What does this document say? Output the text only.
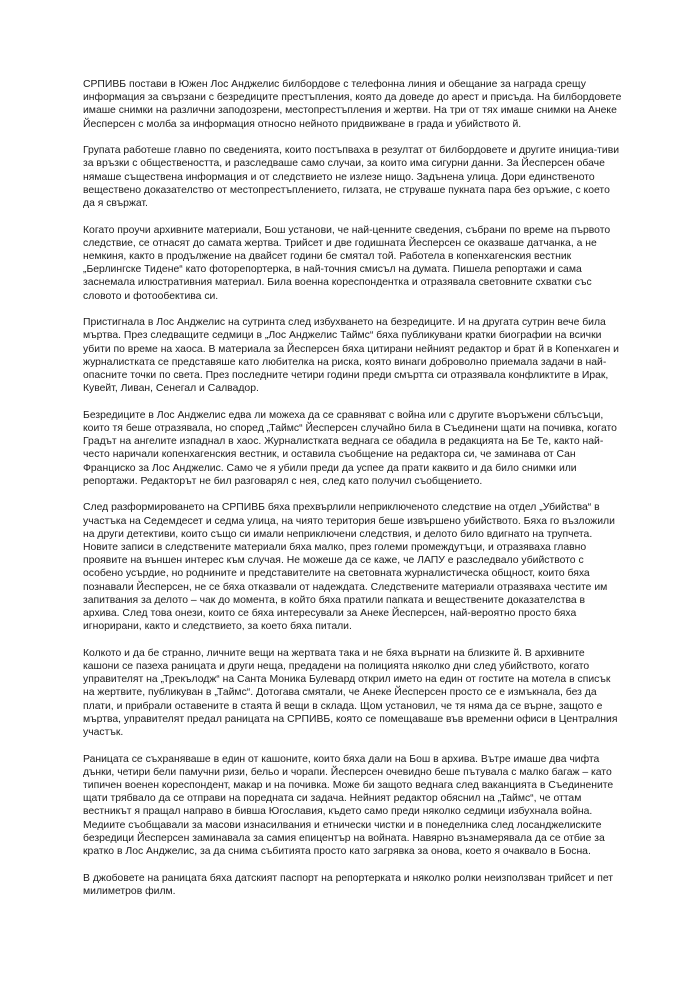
СРПИВБ постави в Южен Лос Анджелис билбордове с телефонна линия и обещание за награда срещу информация за свързани с безредиците престъпления, която да доведе до арест и присъда. На билбордовете имаше снимки на различни заподозрени, местопрестъпления и жертви. На три от тях имаше снимки на Анеке Йесперсен с молба за информация относно нейното придвижване в града и убийството й.

Групата работеше главно по сведенията, които постъпваха в резултат от билбордовете и другите инициа-тиви за връзки с обществеността, и разследваше само случаи, за които има сигурни данни. За Йесперсен обаче нямаше съществена информация и от следствието не излезе нищо. Задънена улица. Дори единственото веществено доказателство от местопрестъплението, гилзата, не струваше пукната пара без оръжие, с което да я свържат.

Когато проучи архивните материали, Бош установи, че най-ценните сведения, събрани по време на първото следствие, се отнасят до самата жертва. Трийсет и две годишната Йесперсен се оказваше датчанка, а не немкиня, както в продължение на двайсет години бе смятал той. Работела в копенхагенския вестник „Берлингске Тидене“ като фоторепортерка, в най-точния смисъл на думата. Пишела репортажи и сама заснемала илюстративния материал. Била военна кореспондентка и отразявала световните схватки със словото и фотообектива си.

Пристигнала в Лос Анджелис на сутринта след избухването на безредиците. И на другата сутрин вече била мъртва. През следващите седмици в „Лос Анджелис Таймс“ бяха публикувани кратки биографии на всички убити по време на хаоса. В материала за Йесперсен бяха цитирани нейният редактор и брат й в Копенхаген и журналистката се представяше като любителка на риска, която винаги доброволно приемала задачи в най-опасните точки по света. През последните четири години преди смъртта си отразявала конфликтите в Ирак, Кувейт, Ливан, Сенегал и Салвадор.

Безредиците в Лос Анджелис едва ли можеха да се сравняват с война или с другите въоръжени сблъсъци, които тя беше отразявала, но според „Таймс“ Йесперсен случайно била в Съединени щати на почивка, когато Градът на ангелите изпаднал в хаос. Журналистката веднага се обадила в редакцията на Бе Те, както най-често наричали копенхагенския вестник, и оставила съобщение на редактора си, че заминава от Сан Франциско за Лос Анджелис. Само че я убили преди да успее да прати каквито и да било снимки или репортажи. Редакторът не бил разговарял с нея, след като получил съобщението.

След разформироването на СРПИВБ бяха прехвърлили неприключеното следствие на отдел „Убийства“ в участъка на Седемдесет и седма улица, на чиято територия беше извършено убийството. Бяха го възложили на други детективи, които също си имали неприключени следствия, и делото било вдигнато на трупчета. Новите записи в следствените материали бяха малко, през големи промеждутъци, и отразяваха главно проявите на външен интерес към случая. Не можеше да се каже, че ЛАПУ е разследвало убийството с особено усърдие, но роднините и представителите на световната журналистическа общност, които бяха познавали Йесперсен, не се бяха отказвали от надеждата. Следствените материали отразяваха честите им запитвания за делото – чак до момента, в който бяха пратили папката и веществените доказателства в архива. След това онези, които се бяха интересували за Анеке Йесперсен, най-вероятно просто бяха игнорирани, както и следствието, за което бяха питали.

Колкото и да бе странно, личните вещи на жертвата така и не бяха върнати на близките й. В архивните кашони се пазеха раницата и други неща, предадени на полицията няколко дни след убийството, когато управителят на „Трекълодж“ на Санта Моника Булевард открил името на един от гостите на мотела в списък на жертвите, публикуван в „Таймс“. Дотогава смятали, че Анеке Йесперсен просто се е измъкнала, без да плати, и прибрали оставените в стаята й вещи в склада. Щом установил, че тя няма да се върне, защото е мъртва, управителят предал раницата на СРПИВБ, която се помещаваше във временни офиси в Централния участък.

Раницата се съхраняваше в един от кашоните, които бяха дали на Бош в архива. Вътре имаше два чифта дънки, четири бели памучни ризи, бельо и чорапи. Йесперсен очевидно беше пътувала с малко багаж – като типичен военен кореспондент, макар и на почивка. Може би защото веднага след ваканцията в Съединените щати трябвало да се отправи на поредната си задача. Нейният редактор обяснил на „Таймс“, че оттам вестникът я пращал направо в бивша Югославия, където само преди няколко седмици избухнала война. Медиите съобщавали за масови изнасилвания и етнически чистки и в понеделника след лосанджелиските безредици Йесперсен заминавала за самия епицентър на войната. Навярно възнамерявала да се отбие за кратко в Лос Анджелис, за да снима събитията просто като загрявка за онова, което я очаквало в Босна.

В джобовете на раницата бяха датският паспорт на репортерката и няколко ролки неизползван трийсет и пет милиметров филм.
